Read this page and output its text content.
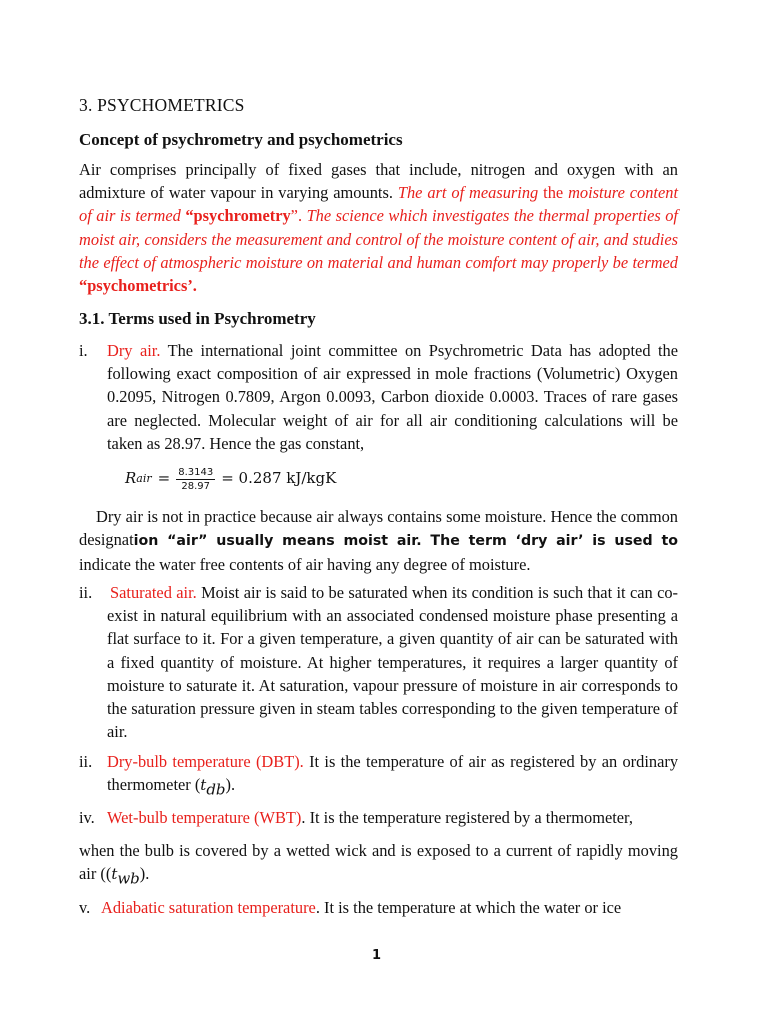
3. PSYCHOMETRICS
Concept of psychrometry and psychometrics
Air comprises principally of fixed gases that include, nitrogen and oxygen with an admixture of water vapour in varying amounts. The art of measuring the moisture content of air is termed “psychrometry”. The science which investigates the thermal properties of moist air, considers the measurement and control of the moisture content of air, and studies the effect of atmospheric moisture on material and human comfort may properly be termed “psychometrics’.
3.1. Terms used in Psychrometry
i. Dry air. The international joint committee on Psychrometric Data has adopted the following exact composition of air expressed in mole fractions (Volumetric) Oxygen 0.2095, Nitrogen 0.7809, Argon 0.0093, Carbon dioxide 0.0003. Traces of rare gases are neglected. Molecular weight of air for all air conditioning calculations will be taken as 28.97. Hence the gas constant,
R air = $\frac{8.3143}{28.97} = 0.287$ kJ/kgK
Dry air is not in practice because air always contains some moisture. Hence the common designation “air” usually means moist air. The term ‘dry air’ is used to indicate the water free contents of air having any degree of moisture.
ii. Saturated air. Moist air is said to be saturated when its condition is such that it can co-exist in natural equilibrium with an associated condensed moisture phase presenting a flat surface to it. For a given temperature, a given quantity of air can be saturated with a fixed quantity of moisture. At higher temperatures, it requires a larger quantity of moisture to saturate it. At saturation, vapour pressure of moisture in air corresponds to the saturation pressure given in steam tables corresponding to the given temperature of air.
ii. Dry-bulb temperature (DBT). It is the temperature of air as registered by an ordinary thermometer $(t_{db})$.
iv. Wet-bulb temperature (WBT). It is the temperature registered by a thermometer,
when the bulb is covered by a wetted wick and is exposed to a current of rapidly moving air ($(t_{wb})$.
v. Adiabatic saturation temperature. It is the temperature at which the water or ice
1
